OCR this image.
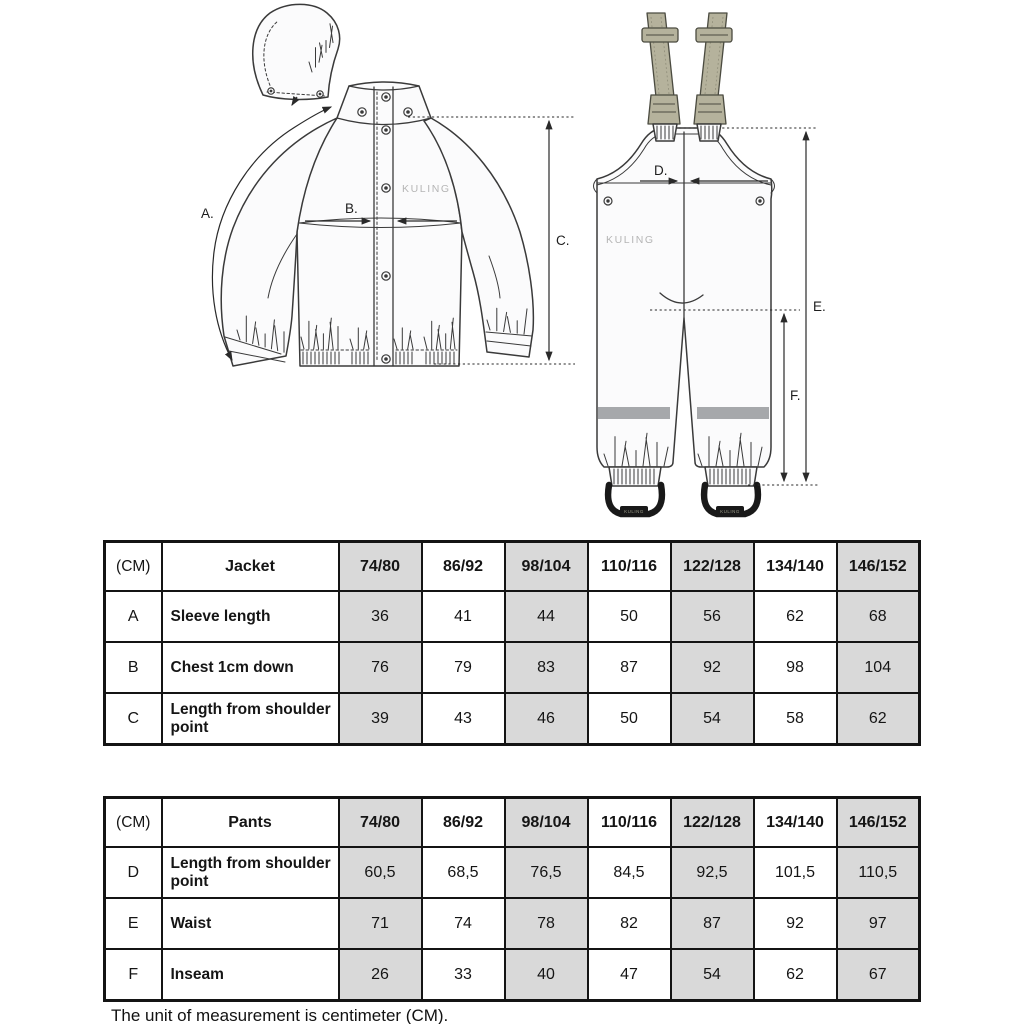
KULING
A.	B.
C.	KULING
KULING	KULING
D.
E.
F.
(CM)	Jacket	74/80	86/92	98/104	110/116	122/128	134/140	146/152
A	Sleeve length	36	41	44	50	56	62	68
B	Chest 1cm down	76	79	83	87	92	98	104
C	Length from shoulder point	39	43	46	50	54	58	62
(CM)	Pants	74/80	86/92	98/104	110/116	122/128	134/140	146/152
D	Length from shoulder point	60,5	68,5	76,5	84,5	92,5	101,5	110,5
E	Waist	71	74	78	82	87	92	97
F	Inseam	26	33	40	47	54	62	67
The unit of measurement is centimeter (CM).
